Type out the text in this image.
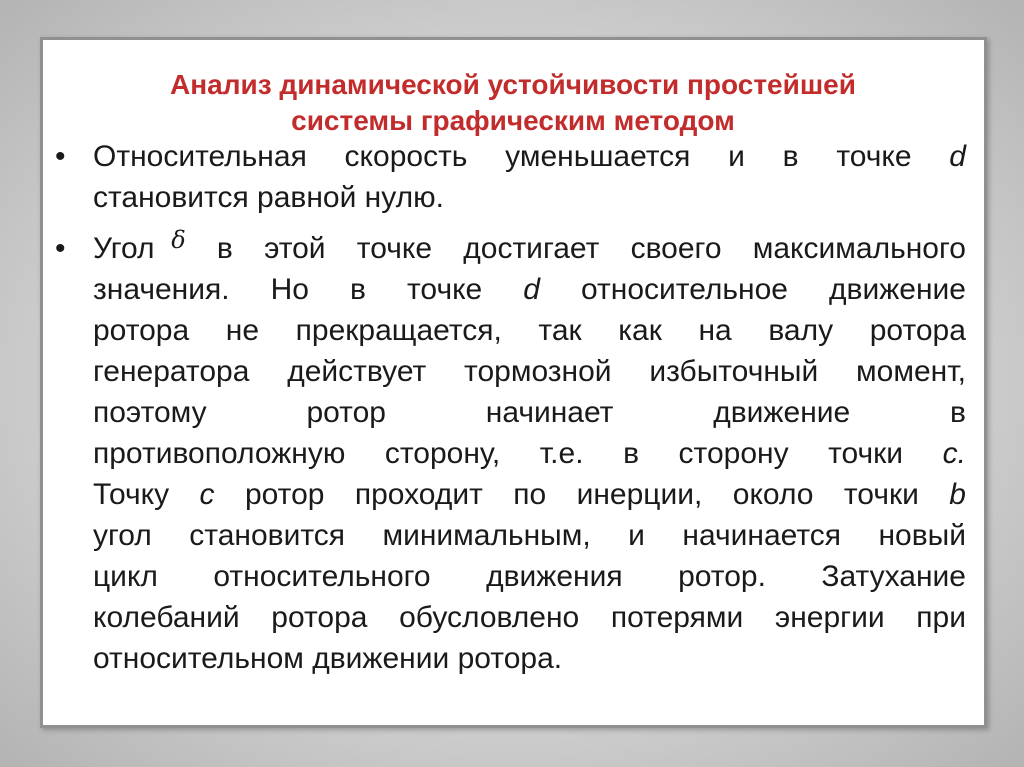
Анализ динамической устойчивости простейшей
системы графическим методом
• Относительная скорость уменьшается и в точке d
становится равной нулю.
• Угол $^\delta$ в этой точке достигает своего максимального
значения. Но в точке d относительное движение
ротора не прекращается, так как на валу ротора
генератора действует тормозной избыточный момент,
поэтому	ротор	начинает	движение	в
противоположную сторону, т.е. в сторону точки c.
Точку c ротор проходит по инерции, около точки b
угол становится минимальным, и начинается новый
цикл относительного движения ротор. Затухание
колебаний ротора обусловлено потерями энергии при
относительном движении ротора.
